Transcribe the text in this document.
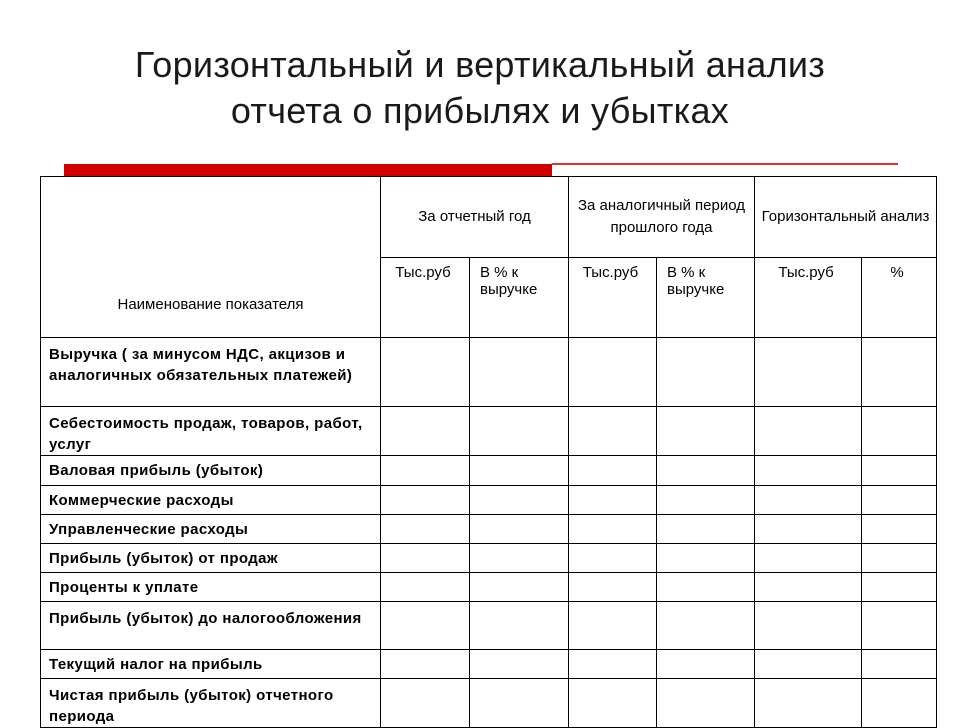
Горизонтальный и вертикальный анализ
отчета о прибылях и убытках
Наименование показателя	За отчетный год		За аналогичный период прошлого года		Горизонтальный анализ	
	Тыс.руб	В % к выручке	Тыс.руб	В % к выручке	Тыс.руб	%
Выручка ( за минусом НДС, акцизов и аналогичных обязательных платежей)						
Себестоимость продаж, товаров, работ, услуг						
Валовая прибыль (убыток)						
Коммерческие расходы						
Управленческие расходы						
Прибыль (убыток) от продаж						
Проценты к уплате						
Прибыль (убыток) до налогообложения						
Текущий налог на прибыль						
Чистая прибыль (убыток) отчетного периода						
